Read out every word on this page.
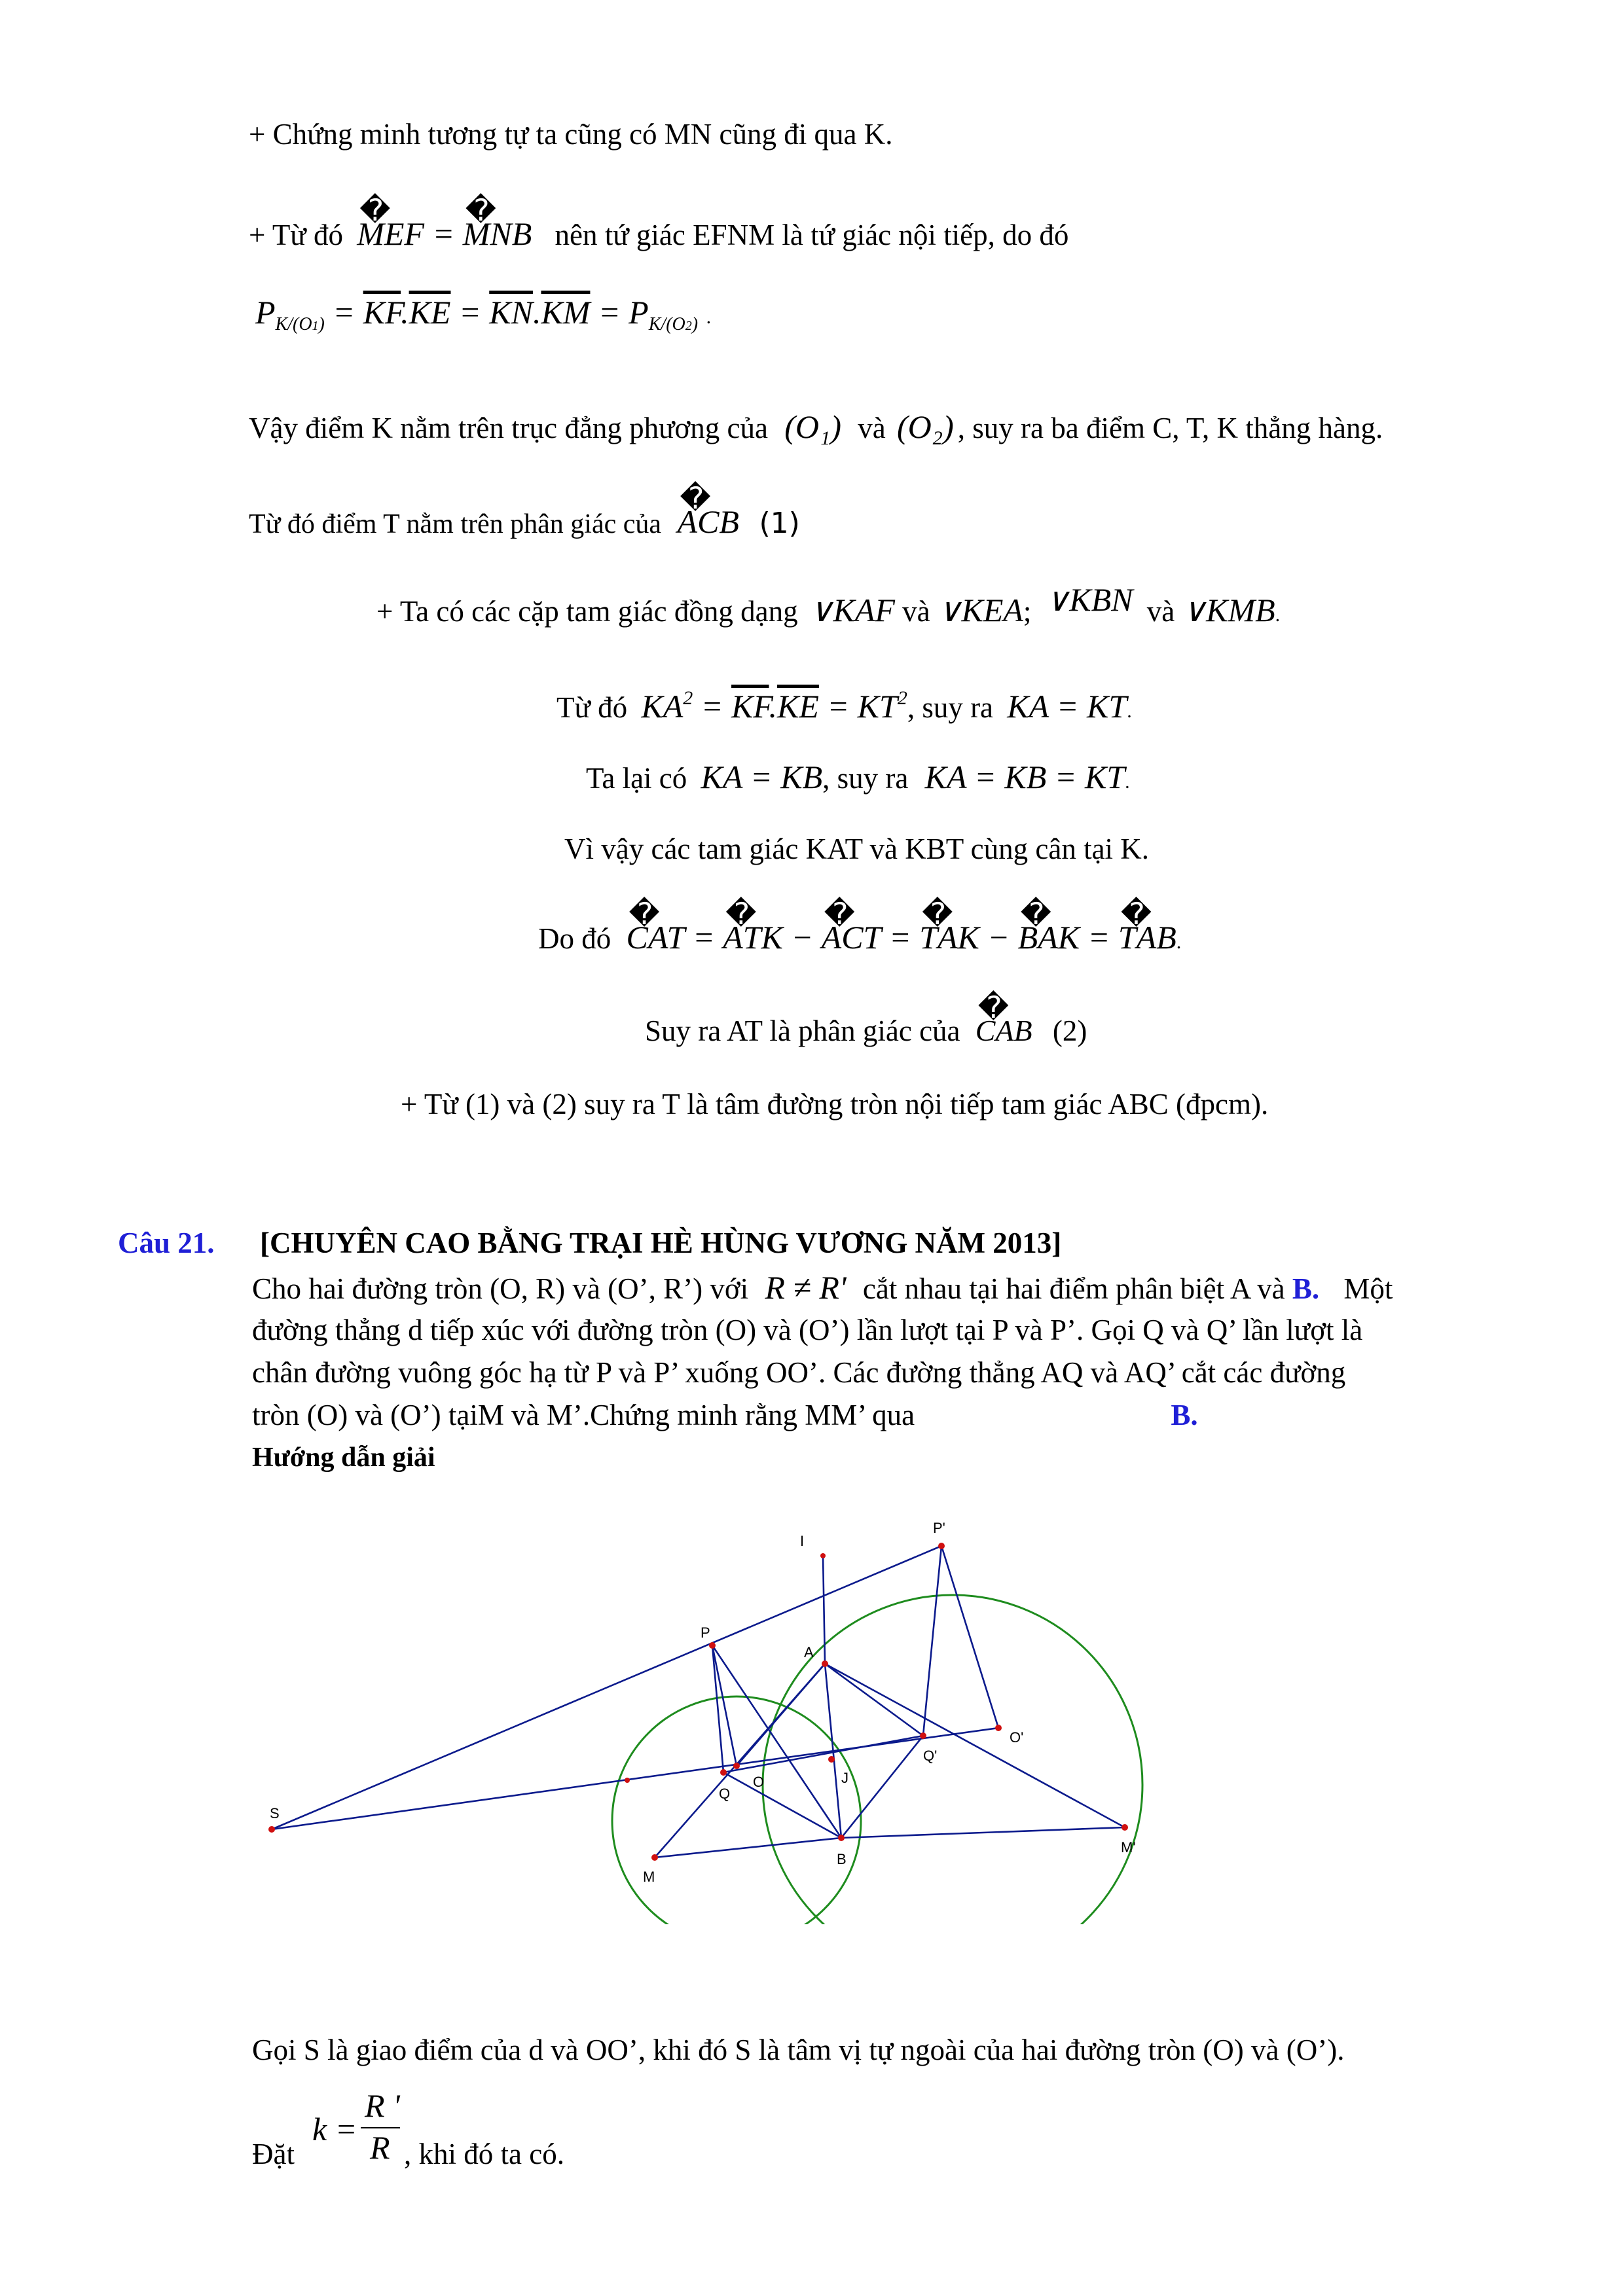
+ Chứng minh tương tự ta cũng có MN cũng đi qua K.
+ Từ đó � MEF = � MNB nên tứ giác EFNM là tứ giác nội tiếp, do đó
$P_{K/(O1)} = \overline{KF}.\overline{KE} = \overline{KN}.\overline{KM} = P_{K/(O2)}$ .
Vậy điểm K nằm trên trục đẳng phương của (O₁) và (O₂) , suy ra ba điểm C, T, K thẳng hàng.
Từ đó điểm T nằm trên phân giác của � ACB (1)
+ Ta có các cặp tam giác đồng dạng ∨KAF và ∨KEA; ∨KBN và ∨KMB.
Từ đó $KA^2 = \overline{KF}.\overline{KE} = KT^2$, suy ra KA = KT.
Ta lại có KA = KB, suy ra KA = KB = KT.
Vì vậy các tam giác KAT và KBT cùng cân tại K.
Do đó � CAT = � ATK − � ACT = � TAK − � BAK = � TAB.
Suy ra AT là phân giác của � CAB (2)
+ Từ (1) và (2) suy ra T là tâm đường tròn nội tiếp tam giác ABC (đpcm).
Câu 21. [CHUYÊN CAO BẰNG TRẠI HÈ HÙNG VƯƠNG NĂM 2013]
Cho hai đường tròn (O, R) và (O’, R’) với R ≠ R' cắt nhau tại hai điểm phân biệt A và B. Một
đường thẳng d tiếp xúc với đường tròn (O) và (O’) lần lượt tại P và P’. Gọi Q và Q’ lần lượt là
chân đường vuông góc hạ từ P và P’ xuống OO’. Các đường thẳng AQ và AQ’ cắt các đường
tròn (O) và (O’) tạiM và M’.Chứng minh rằng MM’ qua	B.
Hướng dẫn giải
P'
I
P
A
O'
Q'
O	J
Q
S
M
B
M'
Gọi S là giao điểm của d và OO’, khi đó S là tâm vị tự ngoài của hai đường tròn (O) và (O’).
Đặt
k =
R '
R , khi đó ta có.
